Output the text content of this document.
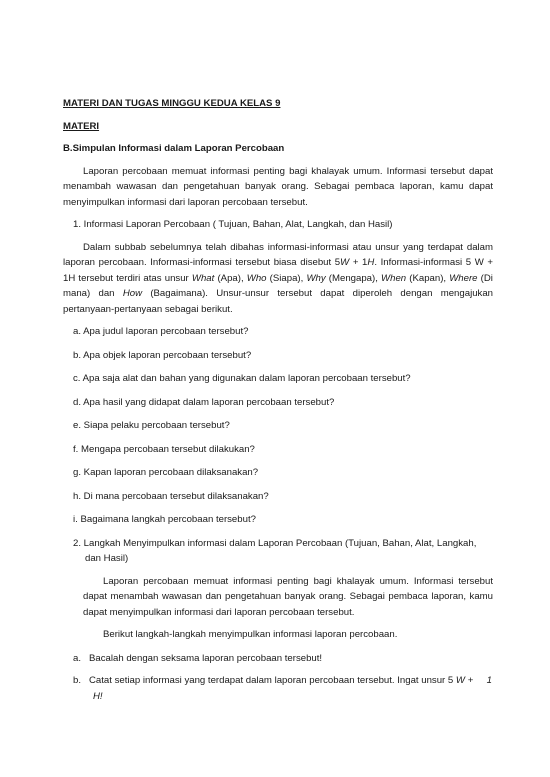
MATERI DAN TUGAS MINGGU KEDUA KELAS 9
MATERI
B.Simpulan Informasi dalam Laporan Percobaan
Laporan percobaan memuat informasi penting bagi khalayak umum. Informasi tersebut dapat menambah wawasan dan pengetahuan banyak orang. Sebagai pembaca laporan, kamu dapat menyimpulkan informasi dari laporan percobaan tersebut.
1. Informasi Laporan Percobaan ( Tujuan, Bahan, Alat, Langkah, dan Hasil)
Dalam subbab sebelumnya telah dibahas informasi-informasi atau unsur yang terdapat dalam laporan percobaan. Informasi-informasi tersebut biasa disebut 5W + 1H. Informasi-informasi 5 W + 1H tersebut terdiri atas unsur What (Apa), Who (Siapa), Why (Mengapa), When (Kapan), Where (Di mana) dan How (Bagaimana). Unsur-unsur tersebut dapat diperoleh dengan mengajukan pertanyaan-pertanyaan sebagai berikut.
a. Apa judul laporan percobaan tersebut?
b. Apa objek laporan percobaan tersebut?
c. Apa saja alat dan bahan yang digunakan dalam laporan percobaan tersebut?
d. Apa hasil yang didapat dalam laporan percobaan tersebut?
e. Siapa pelaku percobaan tersebut?
f. Mengapa percobaan tersebut dilakukan?
g. Kapan laporan percobaan dilaksanakan?
h. Di mana percobaan tersebut dilaksanakan?
i. Bagaimana langkah percobaan tersebut?
2. Langkah Menyimpulkan informasi dalam Laporan Percobaan (Tujuan, Bahan, Alat, Langkah, dan Hasil)
Laporan percobaan memuat informasi penting bagi khalayak umum. Informasi tersebut dapat menambah wawasan dan pengetahuan banyak orang. Sebagai pembaca laporan, kamu dapat menyimpulkan informasi dari laporan percobaan tersebut.
Berikut langkah-langkah menyimpulkan informasi laporan percobaan.
a.   Bacalah dengan seksama laporan percobaan tersebut!
b.   Catat setiap informasi yang terdapat dalam laporan percobaan tersebut. Ingat unsur 5 W +     1 H!
